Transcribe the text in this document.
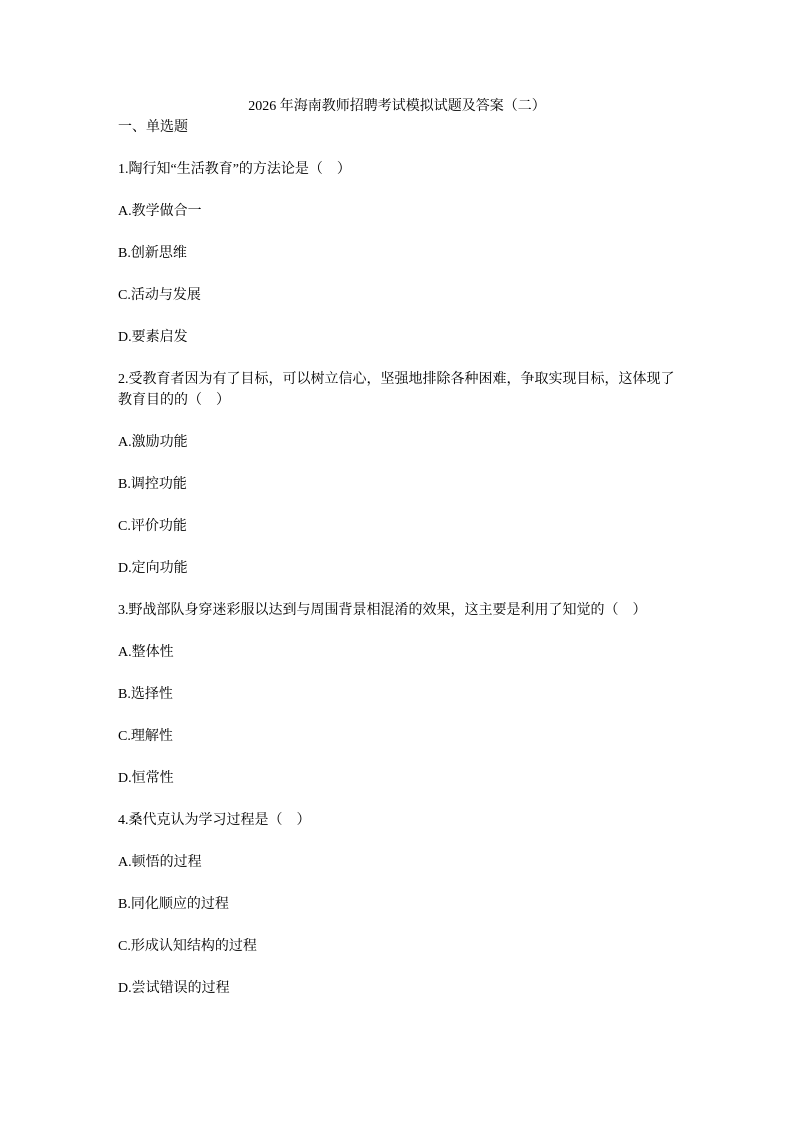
2026 年海南教师招聘考试模拟试题及答案（二）

一、单选题

1.陶行知“生活教育”的方法论是（　）

A.教学做合一

B.创新思维

C.活动与发展

D.要素启发

2.受教育者因为有了目标，可以树立信心，坚强地排除各种困难，争取实现目标，这体现了教育目的的（　）

A.激励功能

B.调控功能

C.评价功能

D.定向功能

3.野战部队身穿迷彩服以达到与周围背景相混淆的效果，这主要是利用了知觉的（　）

A.整体性

B.选择性

C.理解性

D.恒常性

4.桑代克认为学习过程是（　）

A.顿悟的过程

B.同化顺应的过程

C.形成认知结构的过程

D.尝试错误的过程
